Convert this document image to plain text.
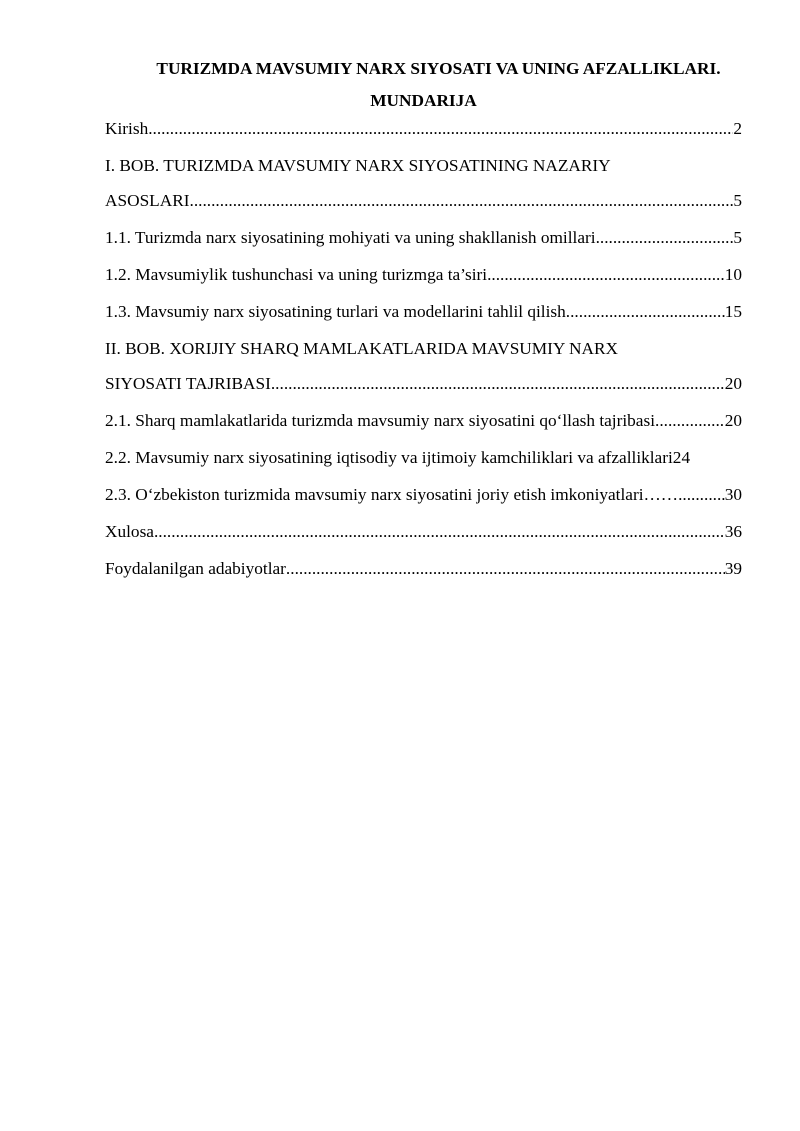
TURIZMDA MAVSUMIY NARX SIYOSATI VA UNING AFZALLIKLARI.
MUNDARIJA
Kirish .....	2
I. BOB. TURIZMDA MAVSUMIY NARX SIYOSATINING NAZARIY
ASOSLARI .....	5
1.1. Turizmda narx siyosatining mohiyati va uning shakllanish omillari .....	5
1.2. Mavsumiylik tushunchasi va uning turizmga ta’siri .....	10
1.3. Mavsumiy narx siyosatining turlari va modellarini tahlil qilish .....	15
II. BOB. XORIJIY SHARQ MAMLAKATLARIDA MAVSUMIY NARX
SIYOSATI TAJRIBASI .....	20
2.1. Sharq mamlakatlarida turizmda mavsumiy narx siyosatini qo‘llash tajribasi .....	20
2.2. Mavsumiy narx siyosatining iqtisodiy va ijtimoiy kamchiliklari va afzalliklari 24
2.3. O‘zbekiston turizmida mavsumiy narx siyosatini joriy etish imkoniyatlari…… .....	30
Xulosa .....	36
Foydalanilgan adabiyotlar .....	39
